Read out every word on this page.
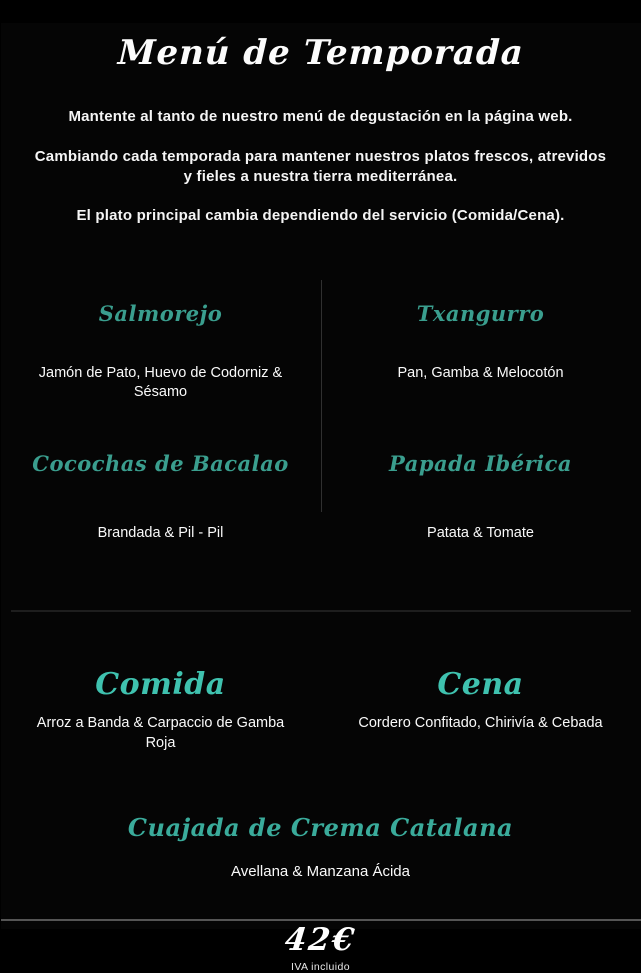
Menú de Temporada

Mantente al tanto de nuestro menú de degustación en la página web.

Cambiando cada temporada para mantener nuestros platos frescos, atrevidos y fieles a nuestra tierra mediterránea.

El plato principal cambia dependiendo del servicio (Comida/Cena).

Salmorejo	Txangurro

Jamón de Pato, Huevo de Codorniz & Sésamo

Pan, Gamba & Melocotón

Cocochas de Bacalao	Papada Ibérica

Brandada & Pil - Pil	Patata & Tomate

Comida	Cena

Arroz a Banda & Carpaccio de Gamba Roja

Cordero Confitado, Chirivía & Cebada

Cuajada de Crema Catalana

Avellana & Manzana Ácida

42€
IVA incluido
